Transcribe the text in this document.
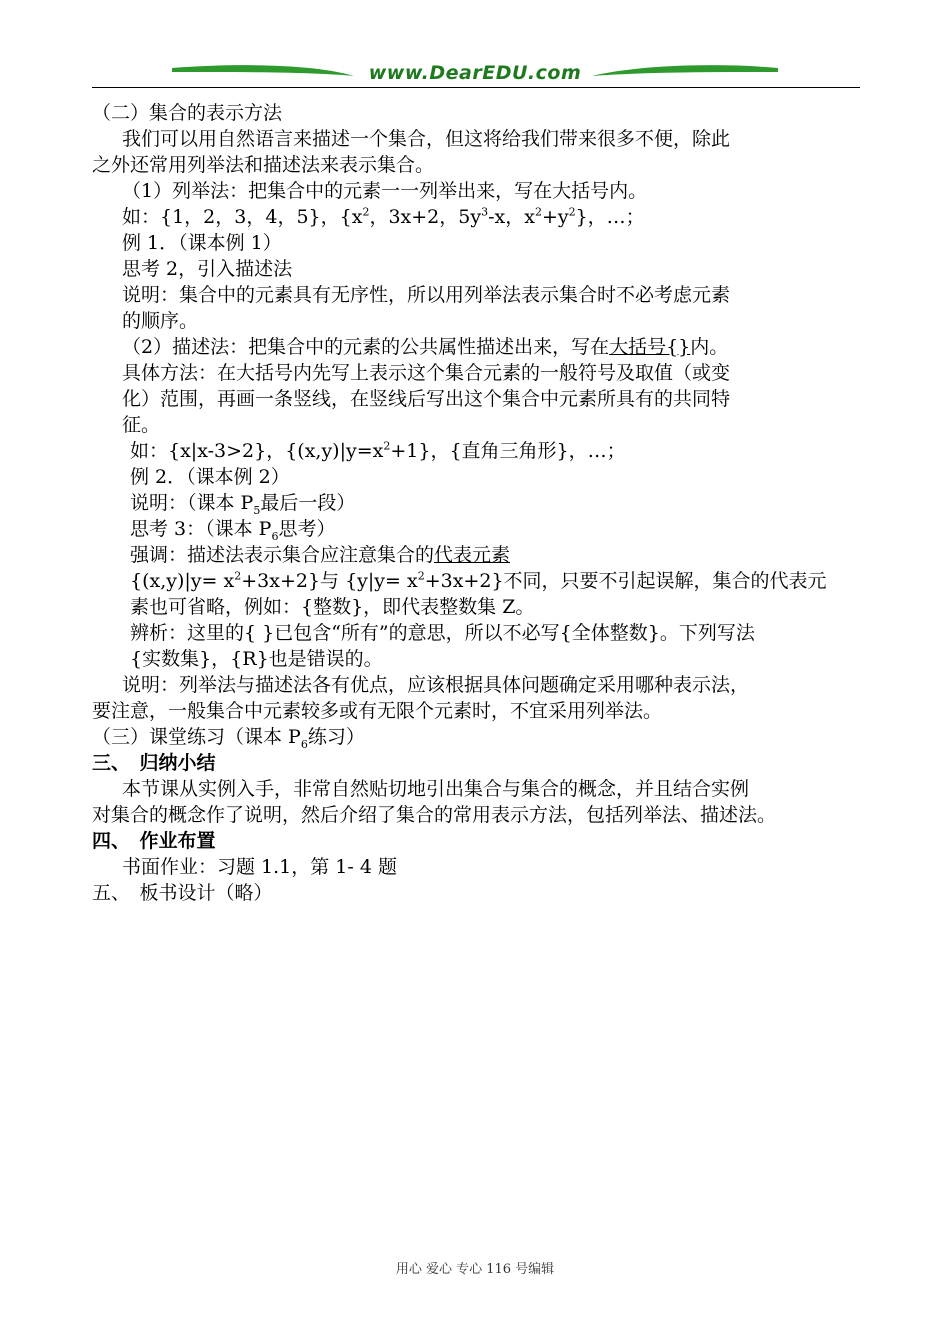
www.DearEDU.com
（二）集合的表示方法
我们可以用自然语言来描述一个集合，但这将给我们带来很多不便，除此
之外还常用列举法和描述法来表示集合。
（1）列举法：把集合中的元素一一列举出来，写在大括号内。
如：{1，2，3，4，5}，{$x^2$，3x+2，$5y^3-x$，$x^2+y^2$}，…；
例 1．（课本例 1）
思考 2，引入描述法
说明：集合中的元素具有无序性，所以用列举法表示集合时不必考虑元素
的顺序。
（2）描述法：把集合中的元素的公共属性描述出来，写在大括号{}内。
具体方法：在大括号内先写上表示这个集合元素的一般符号及取值（或变
化）范围，再画一条竖线，在竖线后写出这个集合中元素所具有的共同特
征。
如：{x|x-3>2}，$\{(x,y)|y=x^2+1\}$，{直角三角形}，…；
例 2．（课本例 2）
说明：（课本 $P_5$最后一段）
思考 3：（课本 $P_6$思考）
强调：描述法表示集合应注意集合的代表元素
$\{(x,y)|y= x^2+3x+2\}$与 $\{y|y= x^2+3x+2\}$不同，只要不引起误解，集合的代表元
素也可省略，例如：{整数}，即代表整数集 Z。
辨析：这里的{ }已包含“所有”的意思，所以不必写{全体整数}。下列写法
{实数集}，{R}也是错误的。
说明：列举法与描述法各有优点，应该根据具体问题确定采用哪种表示法，
要注意，一般集合中元素较多或有无限个元素时，不宜采用列举法。
（三）课堂练习（课本 $P_6$练习）
三、　归纳小结
本节课从实例入手，非常自然贴切地引出集合与集合的概念，并且结合实例
对集合的概念作了说明，然后介绍了集合的常用表示方法，包括列举法、描述法。
四、　作业布置
书面作业：习题 1.1，第 1- 4 题
五、　板书设计（略）
用心 爱心 专心 116 号编辑
